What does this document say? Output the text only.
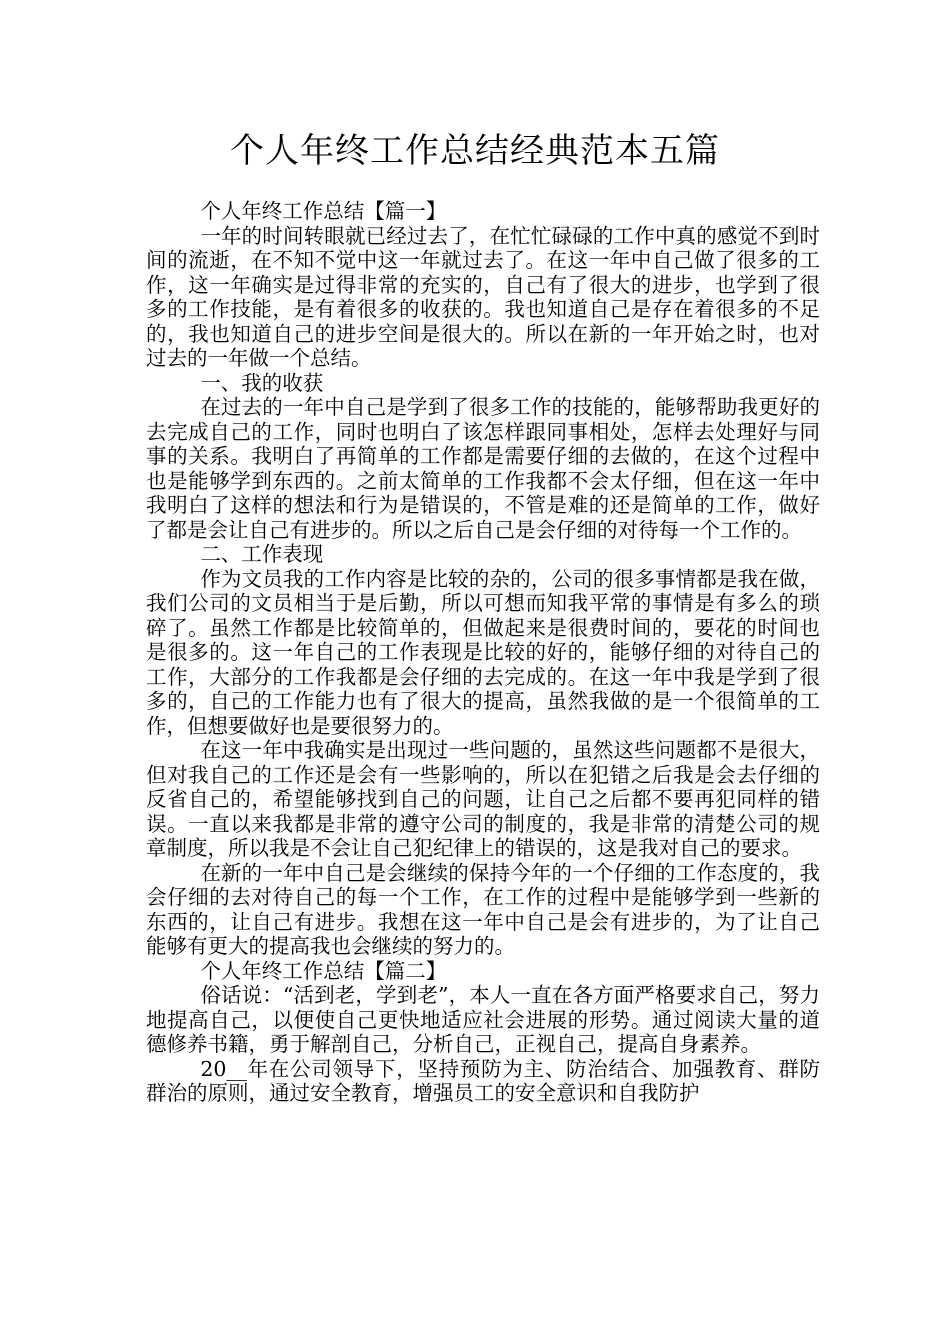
个人年终工作总结经典范本五篇

个人年终工作总结【篇一】

一年的时间转眼就已经过去了，在忙忙碌碌的工作中真的感觉不到时间的流逝，在不知不觉中这一年就过去了。在这一年中自己做了很多的工作，这一年确实是过得非常的充实的，自己有了很大的进步，也学到了很多的工作技能，是有着很多的收获的。我也知道自己是存在着很多的不足的，我也知道自己的进步空间是很大的。所以在新的一年开始之时，也对过去的一年做一个总结。

一、我的收获

在过去的一年中自己是学到了很多工作的技能的，能够帮助我更好的去完成自己的工作，同时也明白了该怎样跟同事相处，怎样去处理好与同事的关系。我明白了再简单的工作都是需要仔细的去做的，在这个过程中也是能够学到东西的。之前太简单的工作我都不会太仔细，但在这一年中我明白了这样的想法和行为是错误的，不管是难的还是简单的工作，做好了都是会让自己有进步的。所以之后自己是会仔细的对待每一个工作的。

二、工作表现

作为文员我的工作内容是比较的杂的，公司的很多事情都是我在做，我们公司的文员相当于是后勤，所以可想而知我平常的事情是有多么的琐碎了。虽然工作都是比较简单的，但做起来是很费时间的，要花的时间也是很多的。这一年自己的工作表现是比较的好的，能够仔细的对待自己的工作，大部分的工作我都是会仔细的去完成的。在这一年中我是学到了很多的，自己的工作能力也有了很大的提高，虽然我做的是一个很简单的工作，但想要做好也是要很努力的。

在这一年中我确实是出现过一些问题的，虽然这些问题都不是很大，但对我自己的工作还是会有一些影响的，所以在犯错之后我是会去仔细的反省自己的，希望能够找到自己的问题，让自己之后都不要再犯同样的错误。一直以来我都是非常的遵守公司的制度的，我是非常的清楚公司的规章制度，所以我是不会让自己犯纪律上的错误的，这是我对自己的要求。

在新的一年中自己是会继续的保持今年的一个仔细的工作态度的，我会仔细的去对待自己的每一个工作，在工作的过程中是能够学到一些新的东西的，让自己有进步。我想在这一年中自己是会有进步的，为了让自己能够有更大的提高我也会继续的努力的。

个人年终工作总结【篇二】

俗话说：“活到老，学到老”，本人一直在各方面严格要求自己，努力地提高自己，以便使自己更快地适应社会进展的形势。通过阅读大量的道德修养书籍，勇于解剖自己，分析自己，正视自己，提高自身素养。

20__年在公司领导下，坚持预防为主、防治结合、加强教育、群防群治的原则，通过安全教育，增强员工的安全意识和自我防护
